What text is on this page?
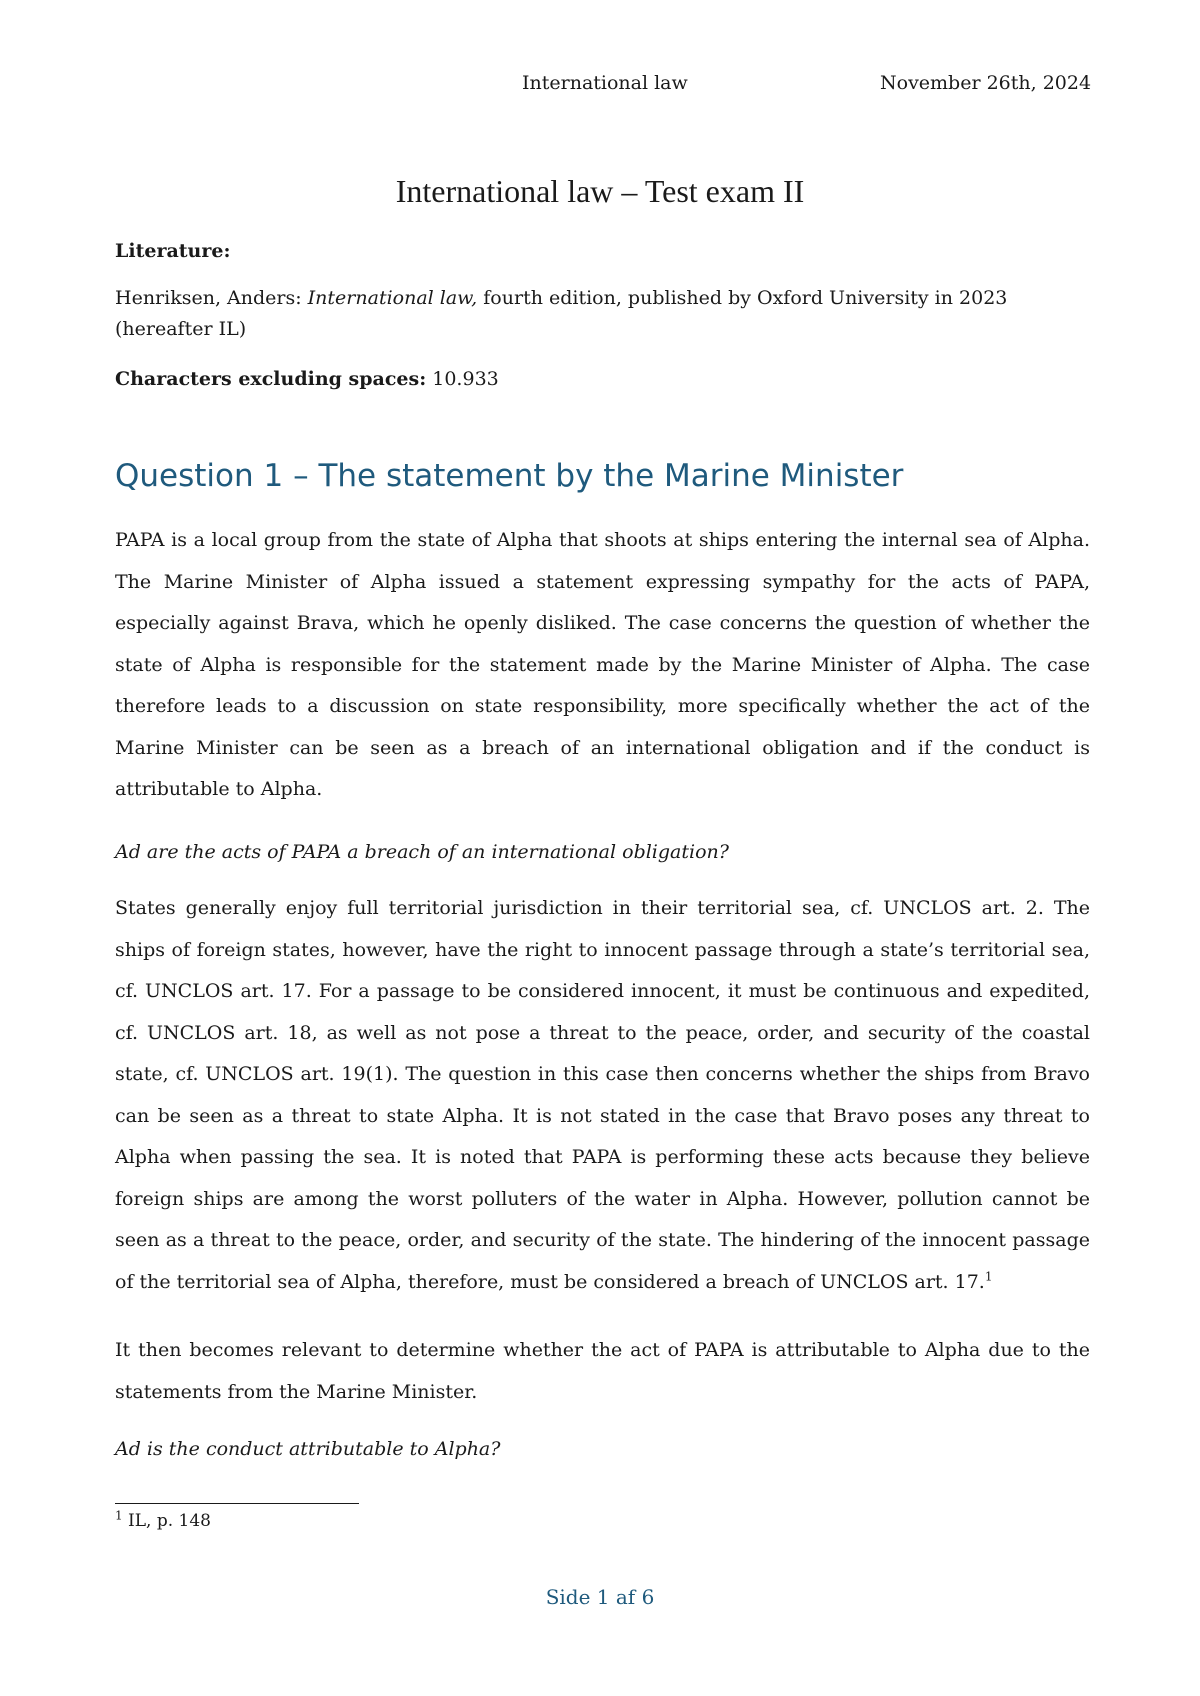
International law	November 26th, 2024
International law – Test exam II
Literature:
Henriksen, Anders: International law, fourth edition, published by Oxford University in 2023 (hereafter IL)
Characters excluding spaces: 10.933
Question 1 – The statement by the Marine Minister
PAPA is a local group from the state of Alpha that shoots at ships entering the internal sea of Alpha. The Marine Minister of Alpha issued a statement expressing sympathy for the acts of PAPA, especially against Brava, which he openly disliked. The case concerns the question of whether the state of Alpha is responsible for the statement made by the Marine Minister of Alpha. The case therefore leads to a discussion on state responsibility, more specifically whether the act of the Marine Minister can be seen as a breach of an international obligation and if the conduct is attributable to Alpha.
Ad are the acts of PAPA a breach of an international obligation?
States generally enjoy full territorial jurisdiction in their territorial sea, cf. UNCLOS art. 2. The ships of foreign states, however, have the right to innocent passage through a state’s territorial sea, cf. UNCLOS art. 17. For a passage to be considered innocent, it must be continuous and expedited, cf. UNCLOS art. 18, as well as not pose a threat to the peace, order, and security of the coastal state, cf. UNCLOS art. 19(1). The question in this case then concerns whether the ships from Bravo can be seen as a threat to state Alpha. It is not stated in the case that Bravo poses any threat to Alpha when passing the sea. It is noted that PAPA is performing these acts because they believe foreign ships are among the worst polluters of the water in Alpha. However, pollution cannot be seen as a threat to the peace, order, and security of the state. The hindering of the innocent passage of the territorial sea of Alpha, therefore, must be considered a breach of UNCLOS art. 17.$^1$
It then becomes relevant to determine whether the act of PAPA is attributable to Alpha due to the statements from the Marine Minister.
Ad is the conduct attributable to Alpha?
$^1$ IL, p. 148
Side 1 af 6
